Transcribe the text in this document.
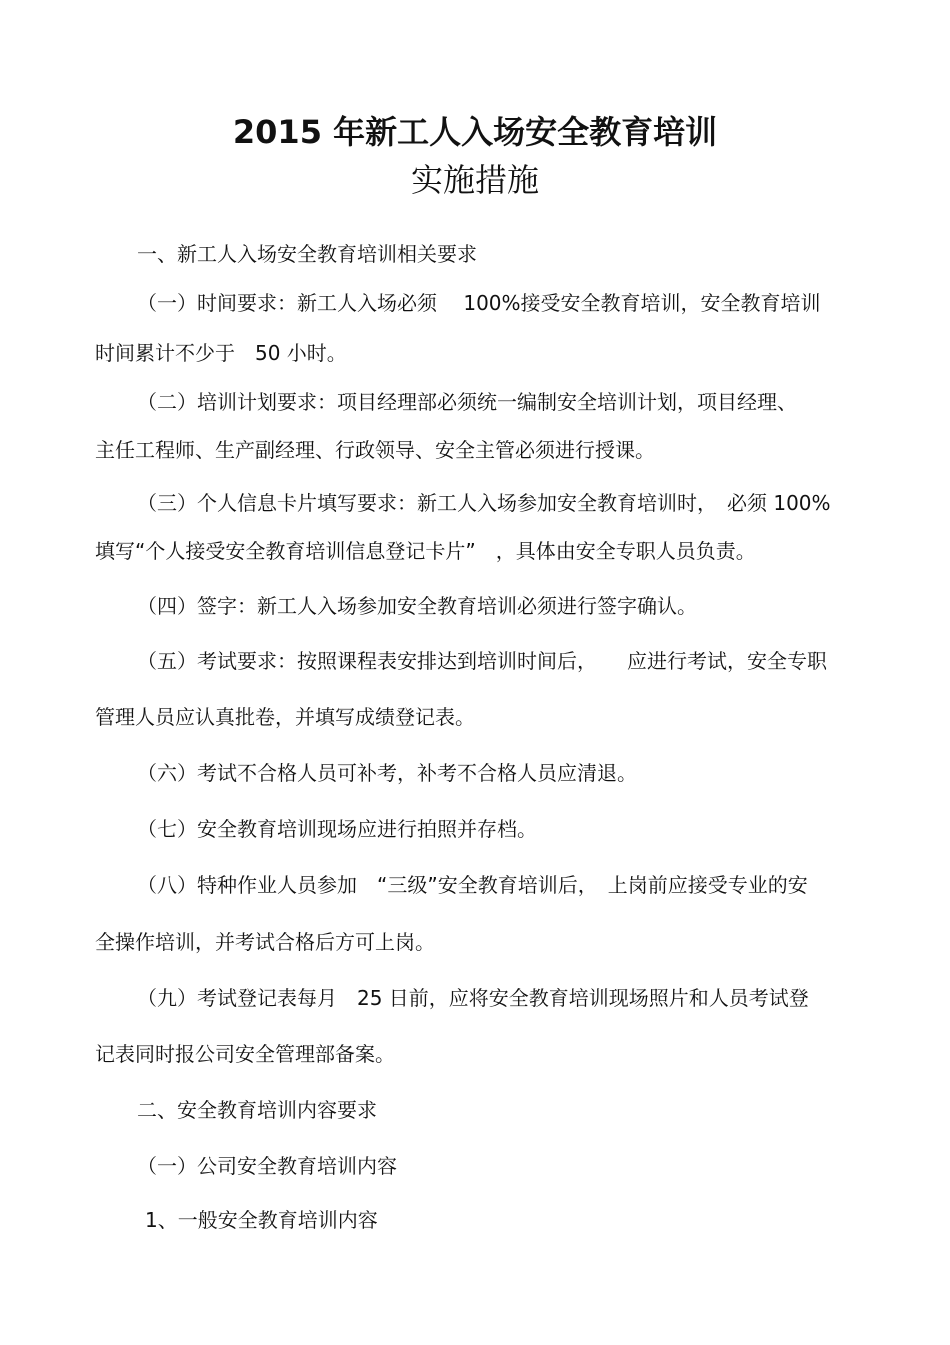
2015 年新工人入场安全教育培训
实施措施
一、新工人入场安全教育培训相关要求
（一）时间要求：新工人入场必须　 100%接受安全教育培训，安全教育培训
时间累计不少于　50 小时。
（二）培训计划要求：项目经理部必须统一编制安全培训计划，项目经理、
主任工程师、生产副经理、行政领导、安全主管必须进行授课。
（三）个人信息卡片填写要求：新工人入场参加安全教育培训时，　必须 100%
填写“个人接受安全教育培训信息登记卡片”　，具体由安全专职人员负责。
（四）签字：新工人入场参加安全教育培训必须进行签字确认。
（五）考试要求：按照课程表安排达到培训时间后，　　应进行考试，安全专职
管理人员应认真批卷，并填写成绩登记表。
（六）考试不合格人员可补考，补考不合格人员应清退。
（七）安全教育培训现场应进行拍照并存档。
（八）特种作业人员参加　“三级”安全教育培训后，　上岗前应接受专业的安
全操作培训，并考试合格后方可上岗。
（九）考试登记表每月　25 日前，应将安全教育培训现场照片和人员考试登
记表同时报公司安全管理部备案。
二、安全教育培训内容要求
（一）公司安全教育培训内容
1、一般安全教育培训内容
